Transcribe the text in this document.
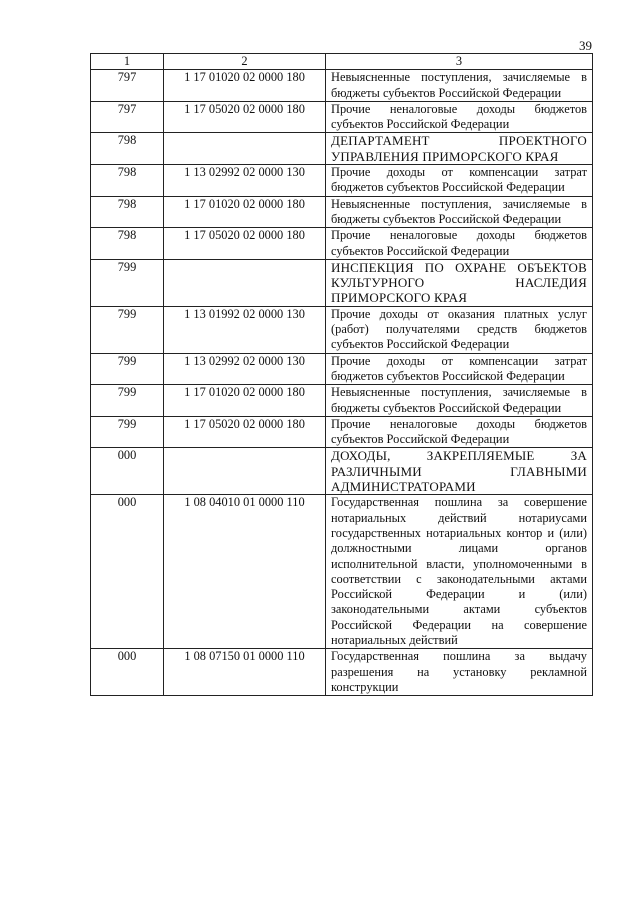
39
1	2	3
797	1 17 01020 02 0000 180	Невыясненные поступления, зачисляемые в бюджеты субъектов Российской Федерации
797	1 17 05020 02 0000 180	Прочие неналоговые доходы бюджетов субъектов Российской Федерации
798		ДЕПАРТАМЕНТ ПРОЕКТНОГО УПРАВЛЕНИЯ ПРИМОРСКОГО КРАЯ
798	1 13 02992 02 0000 130	Прочие доходы от компенсации затрат бюджетов субъектов Российской Федерации
798	1 17 01020 02 0000 180	Невыясненные поступления, зачисляемые в бюджеты субъектов Российской Федерации
798	1 17 05020 02 0000 180	Прочие неналоговые доходы бюджетов субъектов Российской Федерации
799		ИНСПЕКЦИЯ ПО ОХРАНЕ ОБЪЕКТОВ КУЛЬТУРНОГО НАСЛЕДИЯ ПРИМОРСКОГО КРАЯ
799	1 13 01992 02 0000 130	Прочие доходы от оказания платных услуг (работ) получателями средств бюджетов субъектов Российской Федерации
799	1 13 02992 02 0000 130	Прочие доходы от компенсации затрат бюджетов субъектов Российской Федерации
799	1 17 01020 02 0000 180	Невыясненные поступления, зачисляемые в бюджеты субъектов Российской Федерации
799	1 17 05020 02 0000 180	Прочие неналоговые доходы бюджетов субъектов Российской Федерации
000		ДОХОДЫ, ЗАКРЕПЛЯЕМЫЕ ЗА РАЗЛИЧНЫМИ ГЛАВНЫМИ АДМИНИСТРАТОРАМИ
000	1 08 04010 01 0000 110	Государственная пошлина за совершение нотариальных действий нотариусами государственных нотариальных контор и (или) должностными лицами органов исполнительной власти, уполномоченными в соответствии с законодательными актами Российской Федерации и (или) законодательными актами субъектов Российской Федерации на совершение нотариальных действий
000	1 08 07150 01 0000 110	Государственная пошлина за выдачу разрешения на установку рекламной конструкции
